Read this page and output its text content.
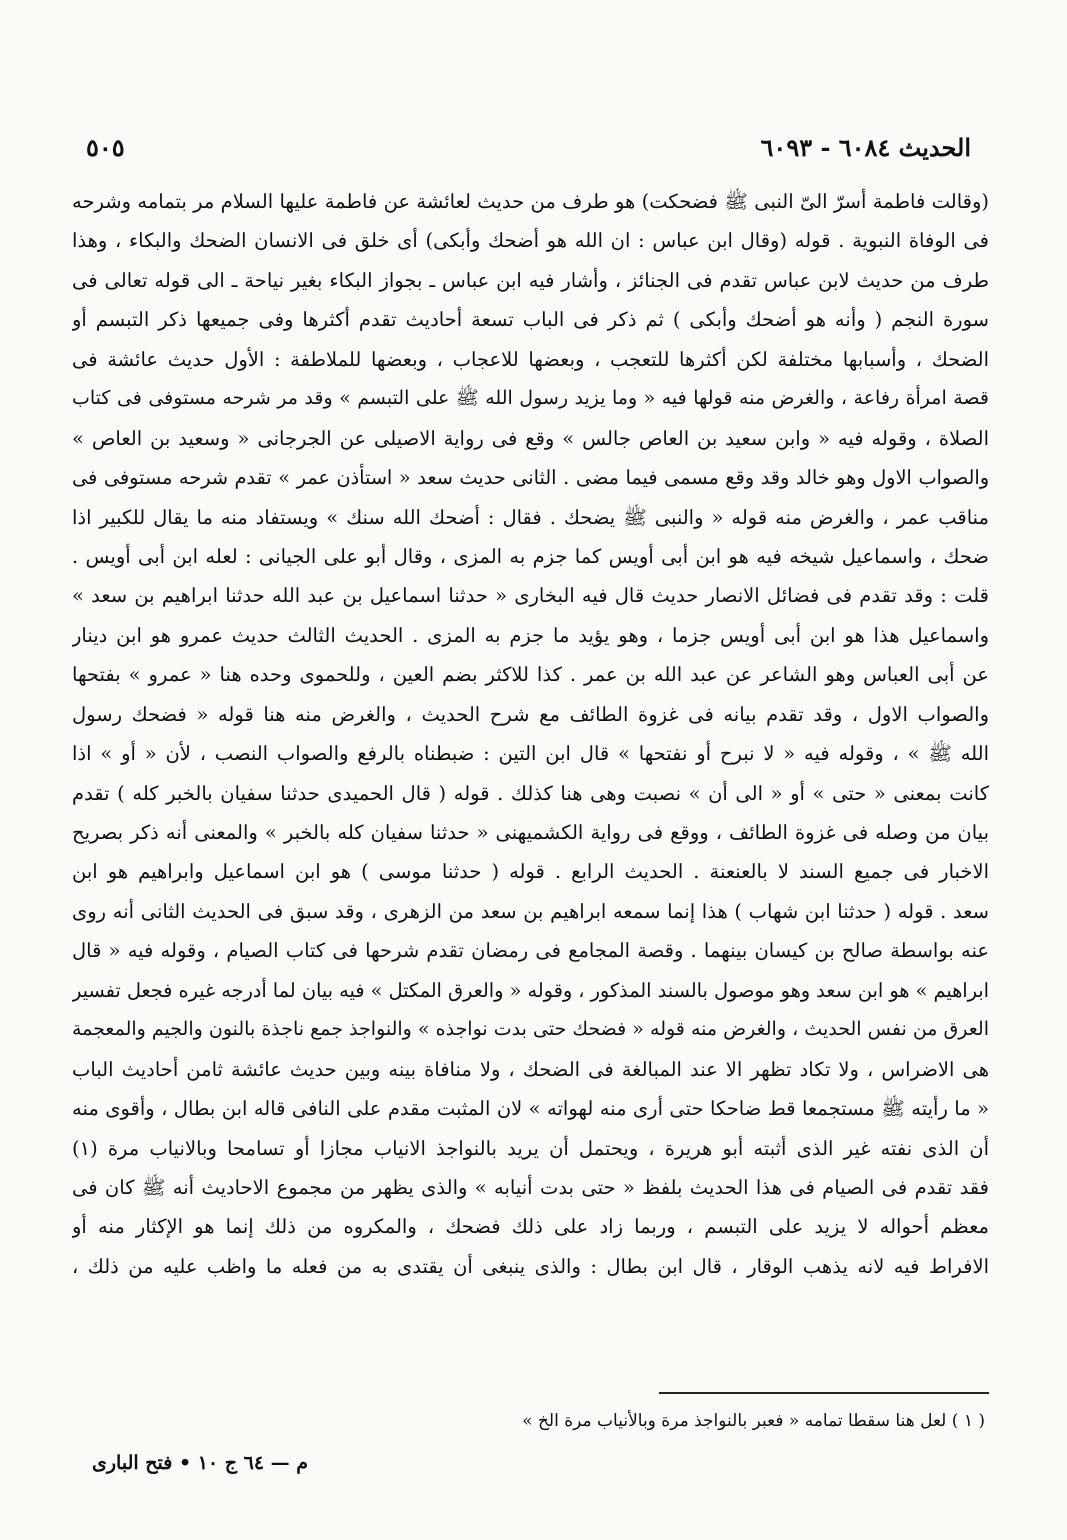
الحديث ٦٠٨٤ - ٦٠٩٣
٥٠٥
(وقالت فاطمة أسرّ الىّ النبى ﷺ فضحكت) هو طرف من حديث لعائشة عن فاطمة عليها السلام مر بتمامه وشرحه
فى الوفاة النبوية . قوله (وقال ابن عباس : ان الله هو أضحك وأبكى) أى خلق فى الانسان الضحك والبكاء ، وهذا
طرف من حديث لابن عباس تقدم فى الجنائز ، وأشار فيه ابن عباس ـ بجواز البكاء بغير نياحة ـ الى قوله تعالى فى
سورة النجم ( وأنه هو أضحك وأبكى ) ثم ذكر فى الباب تسعة أحاديث تقدم أكثرها وفى جميعها ذكر التبسم أو
الضحك ، وأسبابها مختلفة لكن أكثرها للتعجب ، وبعضها للاعجاب ، وبعضها للملاطفة : الأول حديث عائشة فى
قصة امرأة رفاعة ، والغرض منه قولها فيه « وما يزيد رسول الله ﷺ على التبسم » وقد مر شرحه مستوفى فى كتاب
الصلاة ، وقوله فيه « وابن سعيد بن العاص جالس » وقع فى رواية الاصيلى عن الجرجانى « وسعيد بن العاص »
والصواب الاول وهو خالد وقد وقع مسمى فيما مضى . الثانى حديث سعد « استأذن عمر » تقدم شرحه مستوفى فى
مناقب عمر ، والغرض منه قوله « والنبى ﷺ يضحك . فقال : أضحك الله سنك » ويستفاد منه ما يقال للكبير اذا
ضحك ، واسماعيل شيخه فيه هو ابن أبى أويس كما جزم به المزى ، وقال أبو على الجيانى : لعله ابن أبى أويس .
قلت : وقد تقدم فى فضائل الانصار حديث قال فيه البخارى « حدثنا اسماعيل بن عبد الله حدثنا ابراهيم بن سعد »
واسماعيل هذا هو ابن أبى أويس جزما ، وهو يؤيد ما جزم به المزى . الحديث الثالث حديث عمرو هو ابن دينار
عن أبى العباس وهو الشاعر عن عبد الله بن عمر . كذا للاكثر بضم العين ، وللحموى وحده هنا « عمرو » بفتحها
والصواب الاول ، وقد تقدم بيانه فى غزوة الطائف مع شرح الحديث ، والغرض منه هنا قوله « فضحك رسول
الله ﷺ » ، وقوله فيه « لا نبرح أو نفتحها » قال ابن التين : ضبطناه بالرفع والصواب النصب ، لأن « أو » اذا
كانت بمعنى « حتى » أو « الى أن » نصبت وهى هنا كذلك . قوله ( قال الحميدى حدثنا سفيان بالخبر كله ) تقدم
بيان من وصله فى غزوة الطائف ، ووقع فى رواية الكشميهنى « حدثنا سفيان كله بالخبر » والمعنى أنه ذكر بصريح
الاخبار فى جميع السند لا بالعنعنة . الحديث الرابع . قوله ( حدثنا موسى ) هو ابن اسماعيل وابراهيم هو ابن
سعد . قوله ( حدثنا ابن شهاب ) هذا إنما سمعه ابراهيم بن سعد من الزهرى ، وقد سبق فى الحديث الثانى أنه روى
عنه بواسطة صالح بن كيسان بينهما . وقصة المجامع فى رمضان تقدم شرحها فى كتاب الصيام ، وقوله فيه « قال
ابراهيم » هو ابن سعد وهو موصول بالسند المذكور ، وقوله « والعرق المكتل » فيه بيان لما أدرجه غيره فجعل تفسير
العرق من نفس الحديث ، والغرض منه قوله « فضحك حتى بدت نواجذه » والنواجذ جمع ناجذة بالنون والجيم والمعجمة
هى الاضراس ، ولا تكاد تظهر الا عند المبالغة فى الضحك ، ولا منافاة بينه وبين حديث عائشة ثامن أحاديث الباب
« ما رأيته ﷺ مستجمعا قط ضاحكا حتى أرى منه لهواته » لان المثبت مقدم على النافى قاله ابن بطال ، وأقوى منه
أن الذى نفته غير الذى أثبته أبو هريرة ، ويحتمل أن يريد بالنواجذ الانياب مجازا أو تسامحا وبالانياب مرة (١)
فقد تقدم فى الصيام فى هذا الحديث بلفظ « حتى بدت أنيابه » والذى يظهر من مجموع الاحاديث أنه ﷺ كان فى
معظم أحواله لا يزيد على التبسم ، وربما زاد على ذلك فضحك ، والمكروه من ذلك إنما هو الإكثار منه أو
الافراط فيه لانه يذهب الوقار ، قال ابن بطال : والذى ينبغى أن يقتدى به من فعله ما واظب عليه من ذلك ،
( ١ ) لعل هنا سقطا تمامه « فعبر بالنواجذ مرة وبالأنياب مرة الخ »
م — ٦٤ ج ١٠ • فتح البارى
